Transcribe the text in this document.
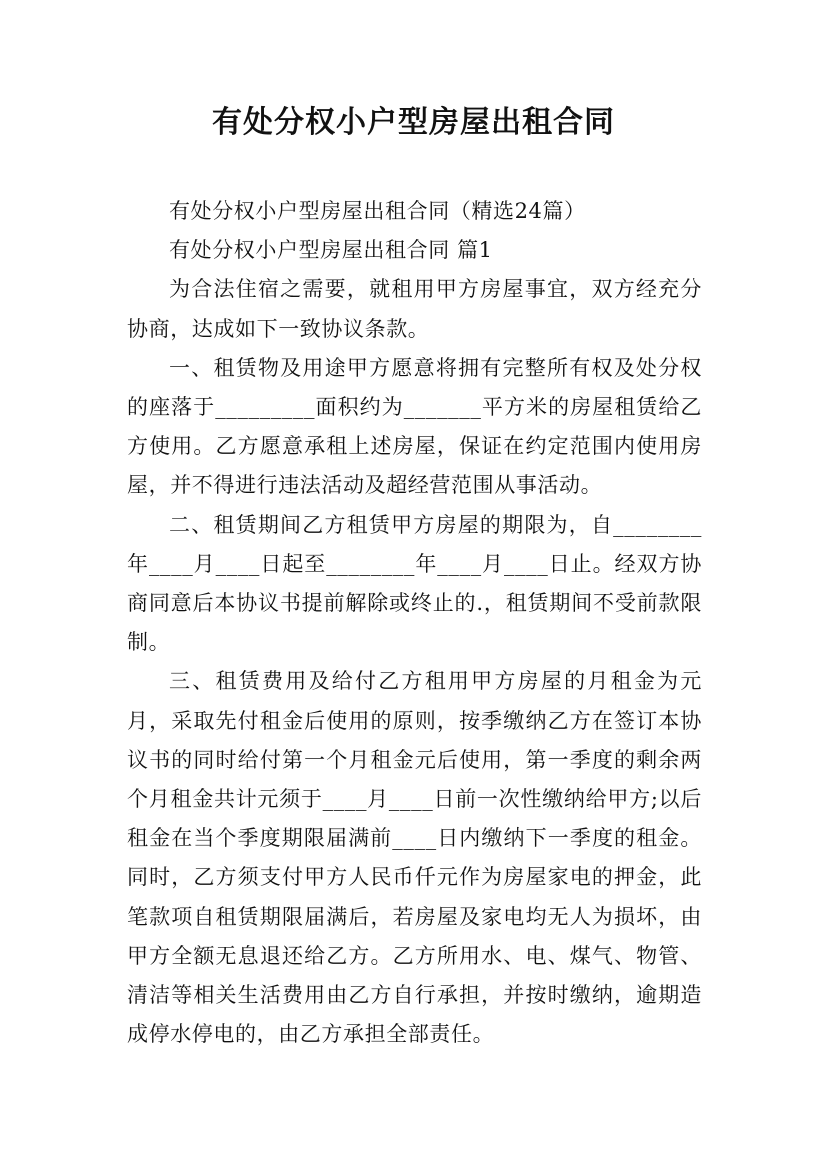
有处分权小户型房屋出租合同

有处分权小户型房屋出租合同（精选24篇）

有处分权小户型房屋出租合同 篇1

为合法住宿之需要，就租用甲方房屋事宜，双方经充分协商，达成如下一致协议条款。

一、租赁物及用途甲方愿意将拥有完整所有权及处分权的座落于_________面积约为_______平方米的房屋租赁给乙方使用。乙方愿意承租上述房屋，保证在约定范围内使用房屋，并不得进行违法活动及超经营范围从事活动。

二、租赁期间乙方租赁甲方房屋的期限为，自________年____月____日起至________年____月____日止。经双方协商同意后本协议书提前解除或终止的.，租赁期间不受前款限制。

三、租赁费用及给付乙方租用甲方房屋的月租金为元月，采取先付租金后使用的原则，按季缴纳乙方在签订本协议书的同时给付第一个月租金元后使用，第一季度的剩余两个月租金共计元须于____月____日前一次性缴纳给甲方;以后租金在当个季度期限届满前____日内缴纳下一季度的租金。同时，乙方须支付甲方人民币仟元作为房屋家电的押金，此笔款项自租赁期限届满后，若房屋及家电均无人为损坏，由甲方全额无息退还给乙方。乙方所用水、电、煤气、物管、清洁等相关生活费用由乙方自行承担，并按时缴纳，逾期造成停水停电的，由乙方承担全部责任。
